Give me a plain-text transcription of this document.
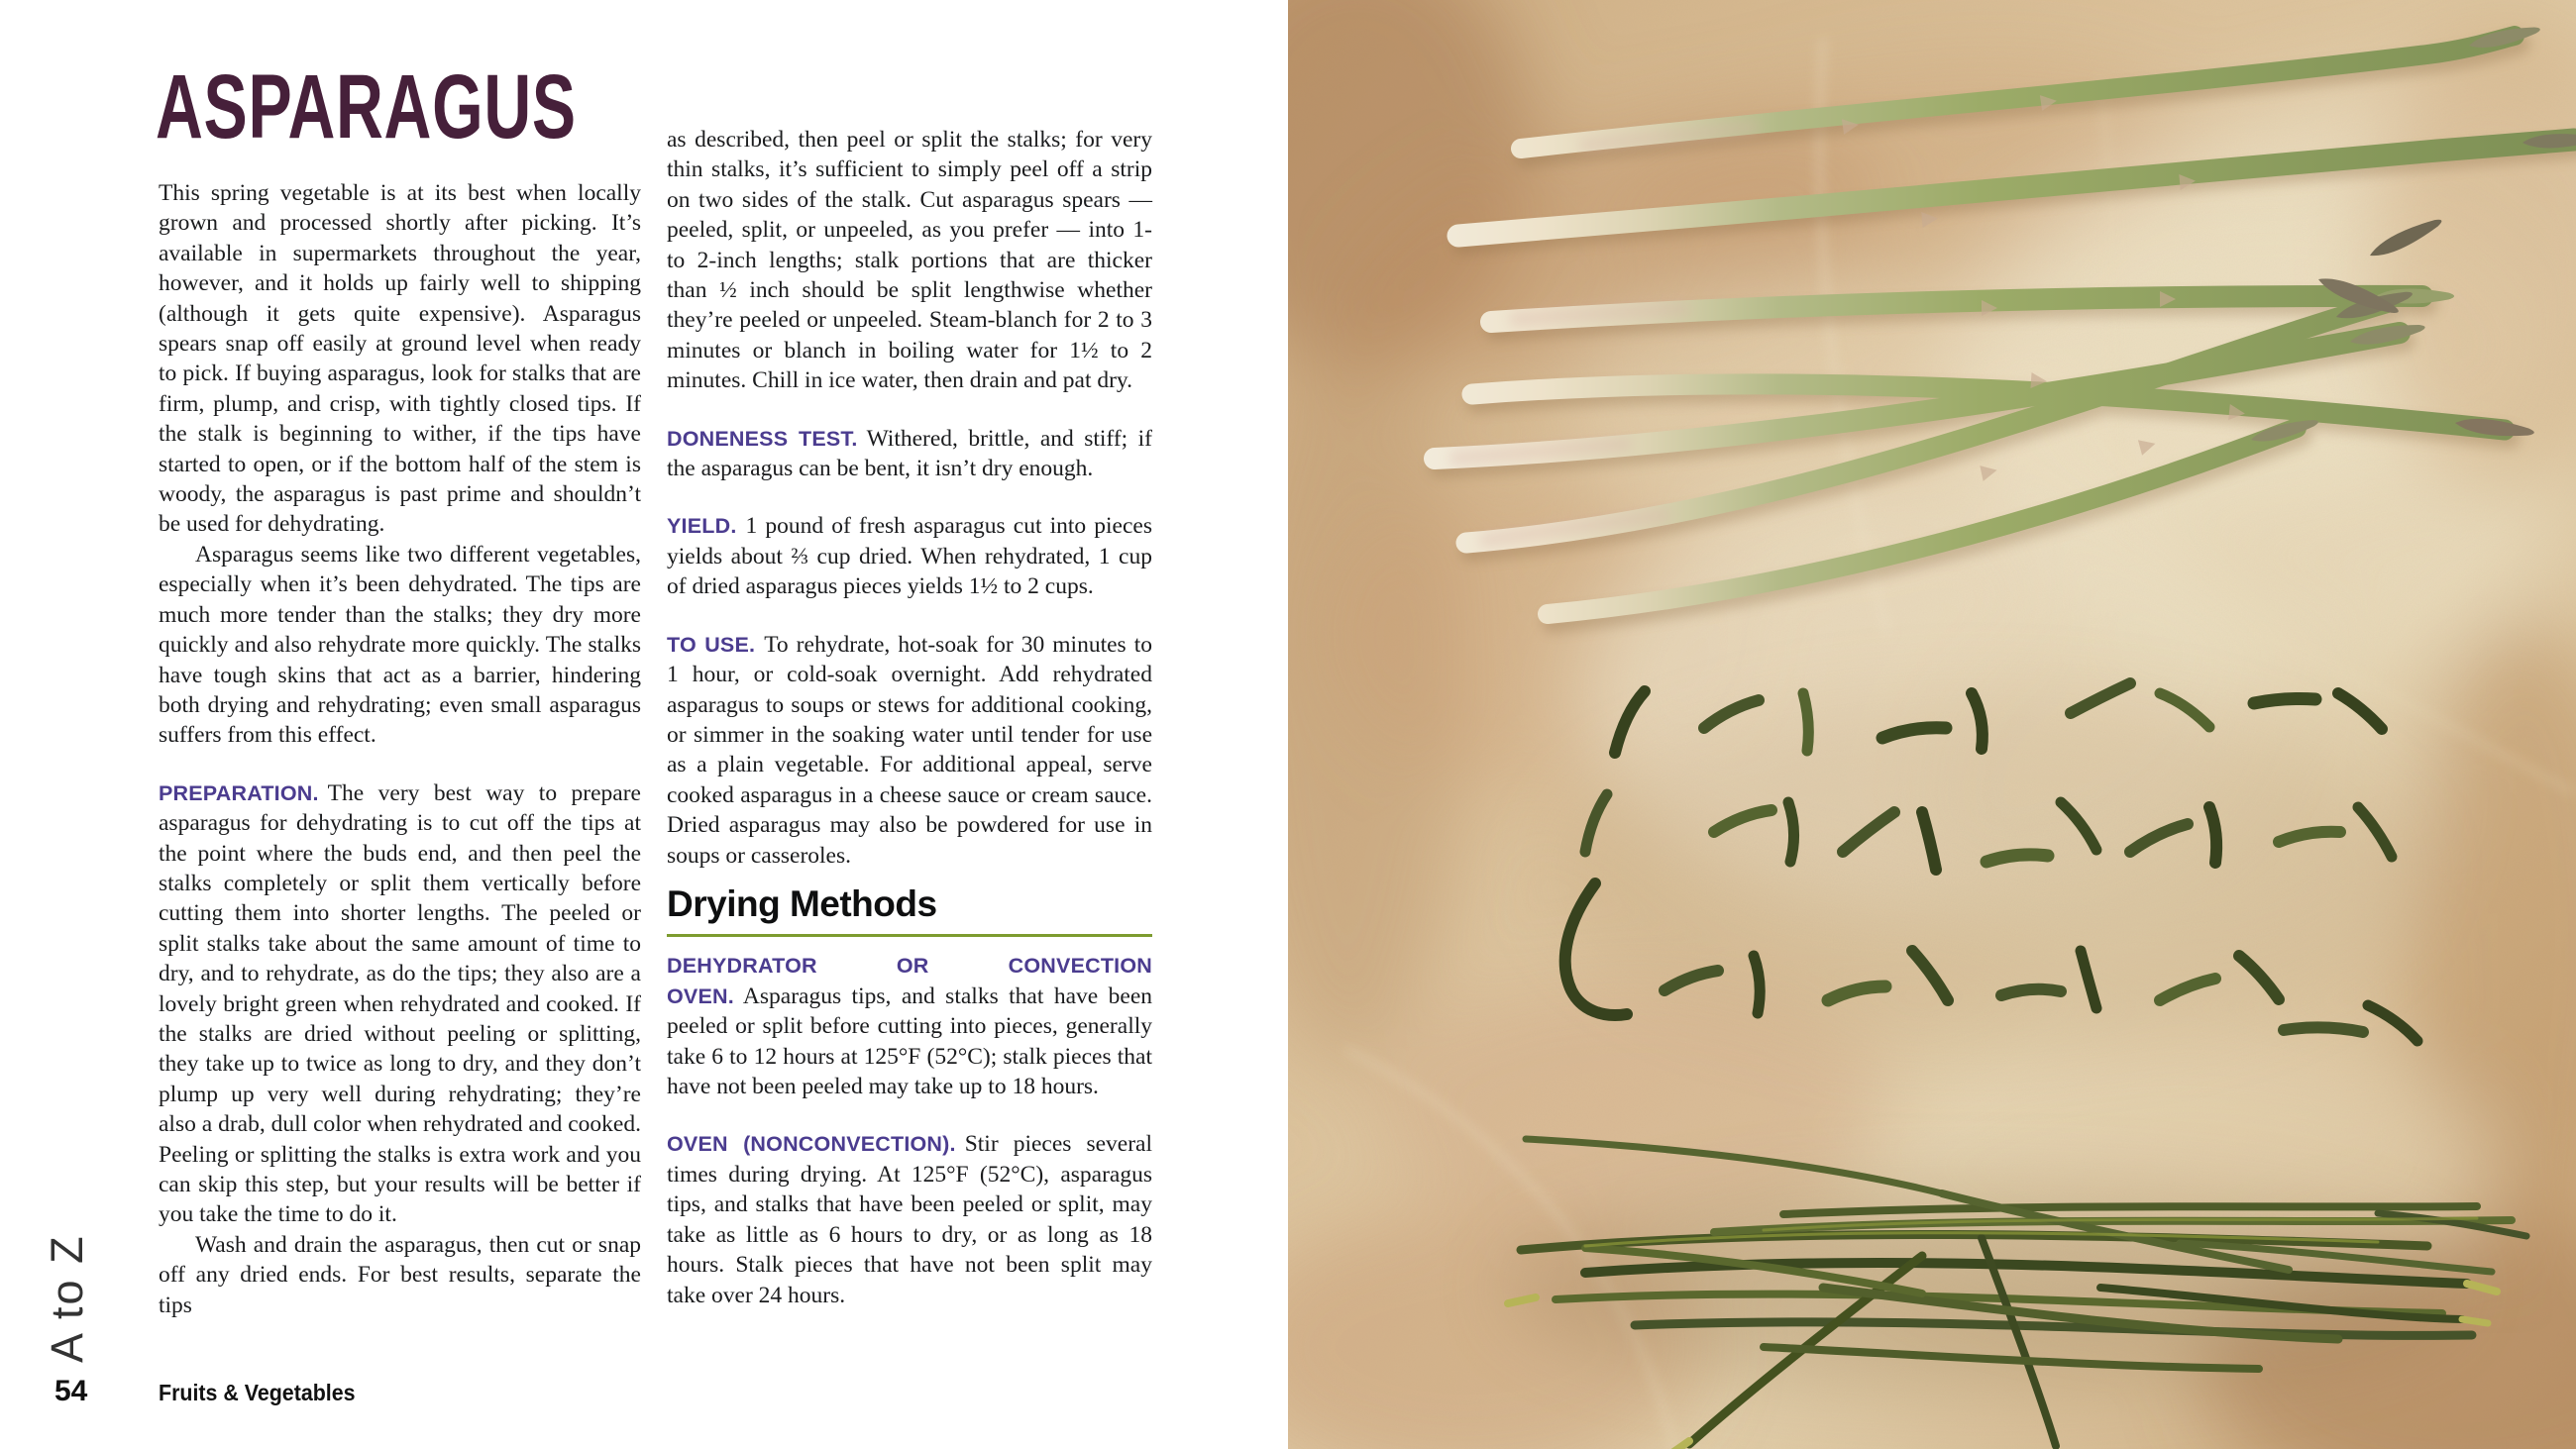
ASPARAGUS

This spring vegetable is at its best when locally grown and processed shortly after picking. It’s available in supermarkets throughout the year, however, and it holds up fairly well to shipping (although it gets quite expensive). Asparagus spears snap off easily at ground level when ready to pick. If buying asparagus, look for stalks that are firm, plump, and crisp, with tightly closed tips. If the stalk is beginning to wither, if the tips have started to open, or if the bottom half of the stem is woody, the asparagus is past prime and shouldn’t be used for dehydrating.

Asparagus seems like two different vegetables, especially when it’s been dehydrated. The tips are much more tender than the stalks; they dry more quickly and also rehydrate more quickly. The stalks have tough skins that act as a barrier, hindering both drying and rehydrating; even small asparagus suffers from this effect.

PREPARATION. The very best way to prepare asparagus for dehydrating is to cut off the tips at the point where the buds end, and then peel the stalks completely or split them vertically before cutting them into shorter lengths. The peeled or split stalks take about the same amount of time to dry, and to rehydrate, as do the tips; they also are a lovely bright green when rehydrated and cooked. If the stalks are dried without peeling or splitting, they take up to twice as long to dry, and they don’t plump up very well during rehydrating; they’re also a drab, dull color when rehydrated and cooked. Peeling or splitting the stalks is extra work and you can skip this step, but your results will be better if you take the time to do it.

Wash and drain the asparagus, then cut or snap off any dried ends. For best results, separate the tips

as described, then peel or split the stalks; for very thin stalks, it’s sufficient to simply peel off a strip on two sides of the stalk. Cut asparagus spears — peeled, split, or unpeeled, as you prefer — into 1- to 2-inch lengths; stalk portions that are thicker than ½ inch should be split lengthwise whether they’re peeled or unpeeled. Steam-blanch for 2 to 3 minutes or blanch in boiling water for 1½ to 2 minutes. Chill in ice water, then drain and pat dry.

DONENESS TEST. Withered, brittle, and stiff; if the asparagus can be bent, it isn’t dry enough.

YIELD. 1 pound of fresh asparagus cut into pieces yields about ⅔ cup dried. When rehydrated, 1 cup of dried asparagus pieces yields 1½ to 2 cups.

TO USE. To rehydrate, hot-soak for 30 minutes to 1 hour, or cold-soak overnight. Add rehydrated asparagus to soups or stews for additional cooking, or simmer in the soaking water until tender for use as a plain vegetable. For additional appeal, serve cooked asparagus in a cheese sauce or cream sauce. Dried asparagus may also be powdered for use in soups or casseroles.

Drying Methods

DEHYDRATOR OR CONVECTION OVEN. Asparagus tips, and stalks that have been peeled or split before cutting into pieces, generally take 6 to 12 hours at 125°F (52°C); stalk pieces that have not been peeled may take up to 18 hours.

OVEN (NONCONVECTION). Stir pieces several times during drying. At 125°F (52°C), asparagus tips, and stalks that have been peeled or split, may take as little as 6 hours to dry, or as long as 18 hours. Stalk pieces that have not been split may take over 24 hours.

A to Z
54	Fruits & Vegetables
